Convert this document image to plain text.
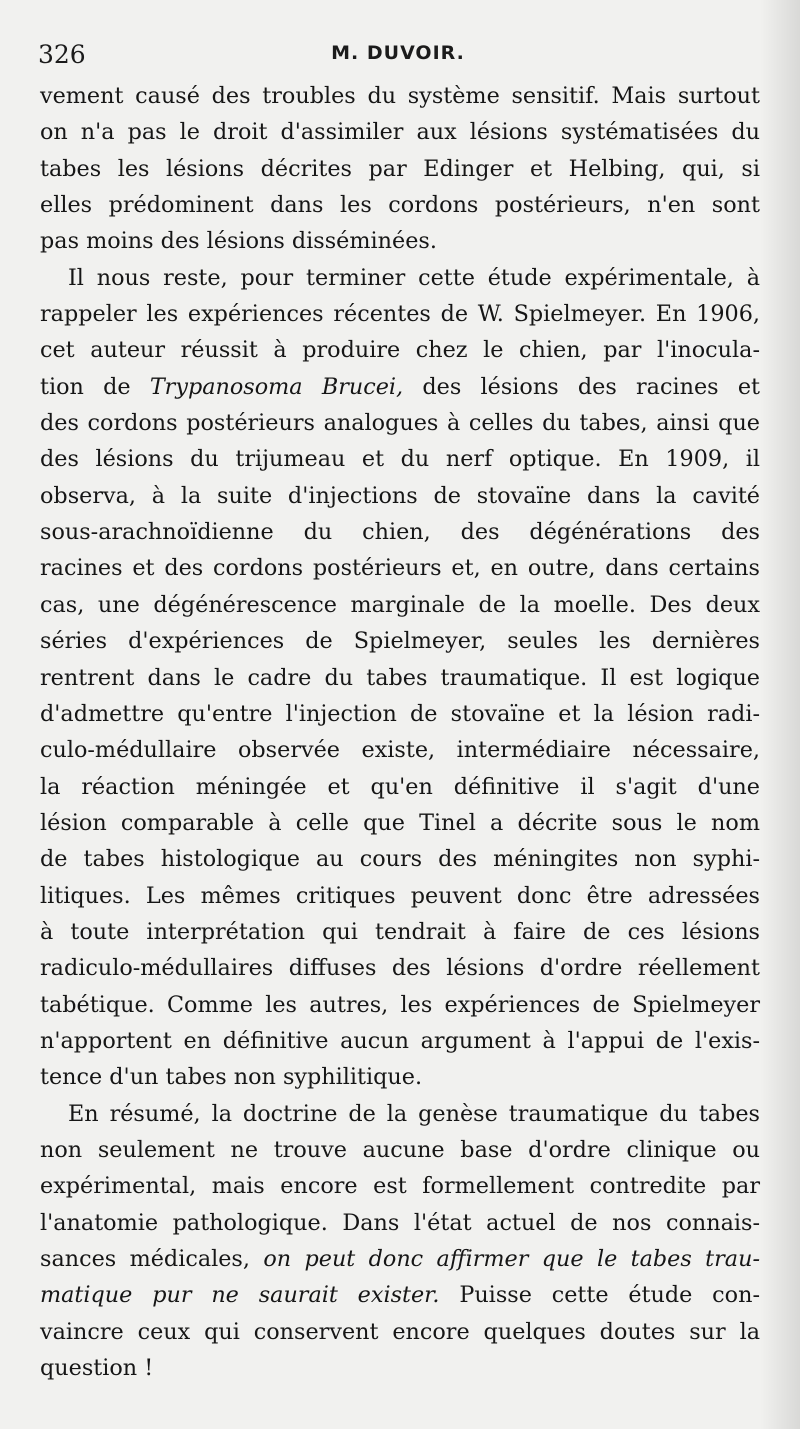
326	M. DUVOIR.
vement causé des troubles du système sensitif. Mais surtout
on n'a pas le droit d'assimiler aux lésions systématisées du
tabes les lésions décrites par Edinger et Helbing, qui, si
elles prédominent dans les cordons postérieurs, n'en sont
pas moins des lésions disséminées.
Il nous reste, pour terminer cette étude expérimentale, à
rappeler les expériences récentes de W. Spielmeyer. En 1906,
cet auteur réussit à produire chez le chien, par l'inocula-
tion de Trypanosoma Brucei, des lésions des racines et
des cordons postérieurs analogues à celles du tabes, ainsi que
des lésions du trijumeau et du nerf optique. En 1909, il
observa, à la suite d'injections de stovaïne dans la cavité
sous-arachnoïdienne du chien, des dégénérations des
racines et des cordons postérieurs et, en outre, dans certains
cas, une dégénérescence marginale de la moelle. Des deux
séries d'expériences de Spielmeyer, seules les dernières
rentrent dans le cadre du tabes traumatique. Il est logique
d'admettre qu'entre l'injection de stovaïne et la lésion radi-
culo-médullaire observée existe, intermédiaire nécessaire,
la réaction méningée et qu'en définitive il s'agit d'une
lésion comparable à celle que Tinel a décrite sous le nom
de tabes histologique au cours des méningites non syphi-
litiques. Les mêmes critiques peuvent donc être adressées
à toute interprétation qui tendrait à faire de ces lésions
radiculo-médullaires diffuses des lésions d'ordre réellement
tabétique. Comme les autres, les expériences de Spielmeyer
n'apportent en définitive aucun argument à l'appui de l'exis-
tence d'un tabes non syphilitique.
En résumé, la doctrine de la genèse traumatique du tabes
non seulement ne trouve aucune base d'ordre clinique ou
expérimental, mais encore est formellement contredite par
l'anatomie pathologique. Dans l'état actuel de nos connais-
sances médicales, on peut donc affirmer que le tabes trau-
matique pur ne saurait exister. Puisse cette étude con-
vaincre ceux qui conservent encore quelques doutes sur la
question !
